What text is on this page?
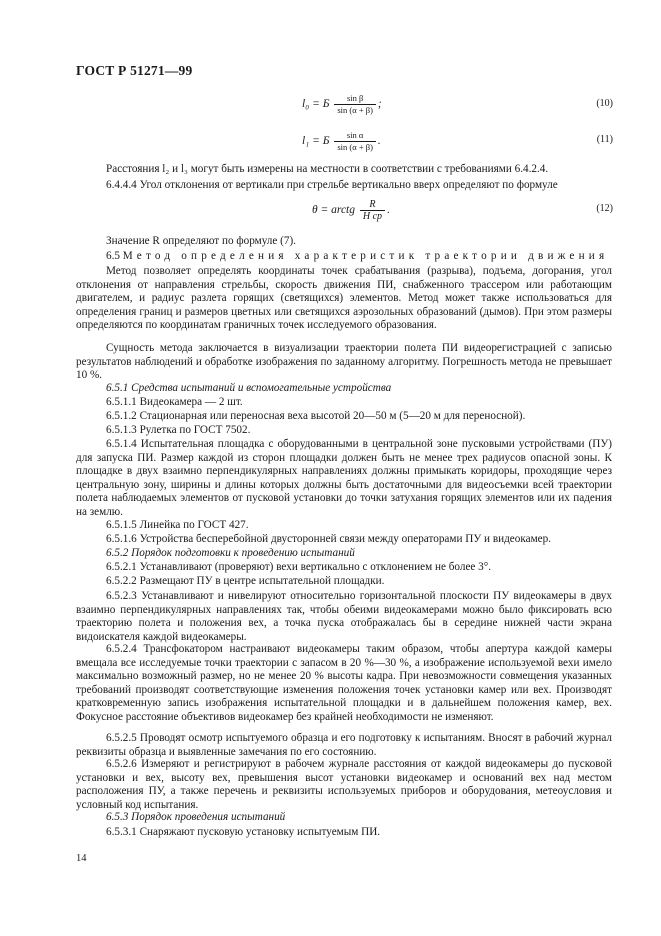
ГОСТ Р 51271—99
l₀ = Б $\frac{\text{sin β}}{\sin (\alpha + \beta)}$ ;	(10)
l₁ = Б $\frac{\text{sin α}}{\sin (\alpha + \beta)}$ .	(11)
Расстояния l₂ и l₃ могут быть измерены на местности в соответствии с требованиями 6.4.2.4.
6.4.4.4 Угол отклонения от вертикали при стрельбе вертикально вверх определяют по формуле
θ = arctg $\frac{R}{\text{H ср}}$ .	(12)
Значение R определяют по формуле (7).
6.5 Метод определения характеристик траектории движения
Метод позволяет определять координаты точек срабатывания (разрыва), подъема, догорания, угол отклонения от направления стрельбы, скорость движения ПИ, снабженного трассером или работающим двигателем, и радиус разлета горящих (светящихся) элементов. Метод может также использоваться для определения границ и размеров цветных или светящихся аэрозольных образований (дымов). При этом размеры определяются по координатам граничных точек исследуемого образования.
Сущность метода заключается в визуализации траектории полета ПИ видеорегистрацией с записью результатов наблюдений и обработке изображения по заданному алгоритму. Погрешность метода не превышает 10 %.
6.5.1 Средства испытаний и вспомогательные устройства
6.5.1.1 Видеокамера — 2 шт.
6.5.1.2 Стационарная или переносная веха высотой 20—50 м (5—20 м для переносной).
6.5.1.3 Рулетка по ГОСТ 7502.
6.5.1.4 Испытательная площадка с оборудованными в центральной зоне пусковыми устройствами (ПУ) для запуска ПИ. Размер каждой из сторон площадки должен быть не менее трех радиусов опасной зоны. К площадке в двух взаимно перпендикулярных направлениях должны примыкать коридоры, проходящие через центральную зону, ширины и длины которых должны быть достаточными для видеосъемки всей траектории полета наблюдаемых элементов от пусковой установки до точки затухания горящих элементов или их падения на землю.
6.5.1.5 Линейка по ГОСТ 427.
6.5.1.6 Устройства бесперебойной двусторонней связи между операторами ПУ и видеокамер.
6.5.2 Порядок подготовки к проведению испытаний
6.5.2.1 Устанавливают (проверяют) вехи вертикально с отклонением не более 3°.
6.5.2.2 Размещают ПУ в центре испытательной площадки.
6.5.2.3 Устанавливают и нивелируют относительно горизонтальной плоскости ПУ видеокамеры в двух взаимно перпендикулярных направлениях так, чтобы обеими видеокамерами можно было фиксировать всю траекторию полета и положения вех, а точка пуска отображалась бы в середине нижней части экрана видоискателя каждой видеокамеры.
6.5.2.4 Трансфокатором настраивают видеокамеры таким образом, чтобы апертура каждой камеры вмещала все исследуемые точки траектории с запасом в 20 %—30 %, а изображение используемой вехи имело максимально возможный размер, но не менее 20 % высоты кадра. При невозможности совмещения указанных требований производят соответствующие изменения положения точек установки камер или вех. Производят кратковременную запись изображения испытательной площадки и в дальнейшем положения камер, вех. Фокусное расстояние объективов видеокамер без крайней необходимости не изменяют.
6.5.2.5 Проводят осмотр испытуемого образца и его подготовку к испытаниям. Вносят в рабочий журнал реквизиты образца и выявленные замечания по его состоянию.
6.5.2.6 Измеряют и регистрируют в рабочем журнале расстояния от каждой видеокамеры до пусковой установки и вех, высоту вех, превышения высот установки видеокамер и оснований вех над местом расположения ПУ, а также перечень и реквизиты используемых приборов и оборудования, метеоусловия и условный код испытания.
6.5.3 Порядок проведения испытаний
6.5.3.1 Снаряжают пусковую установку испытуемым ПИ.
14
